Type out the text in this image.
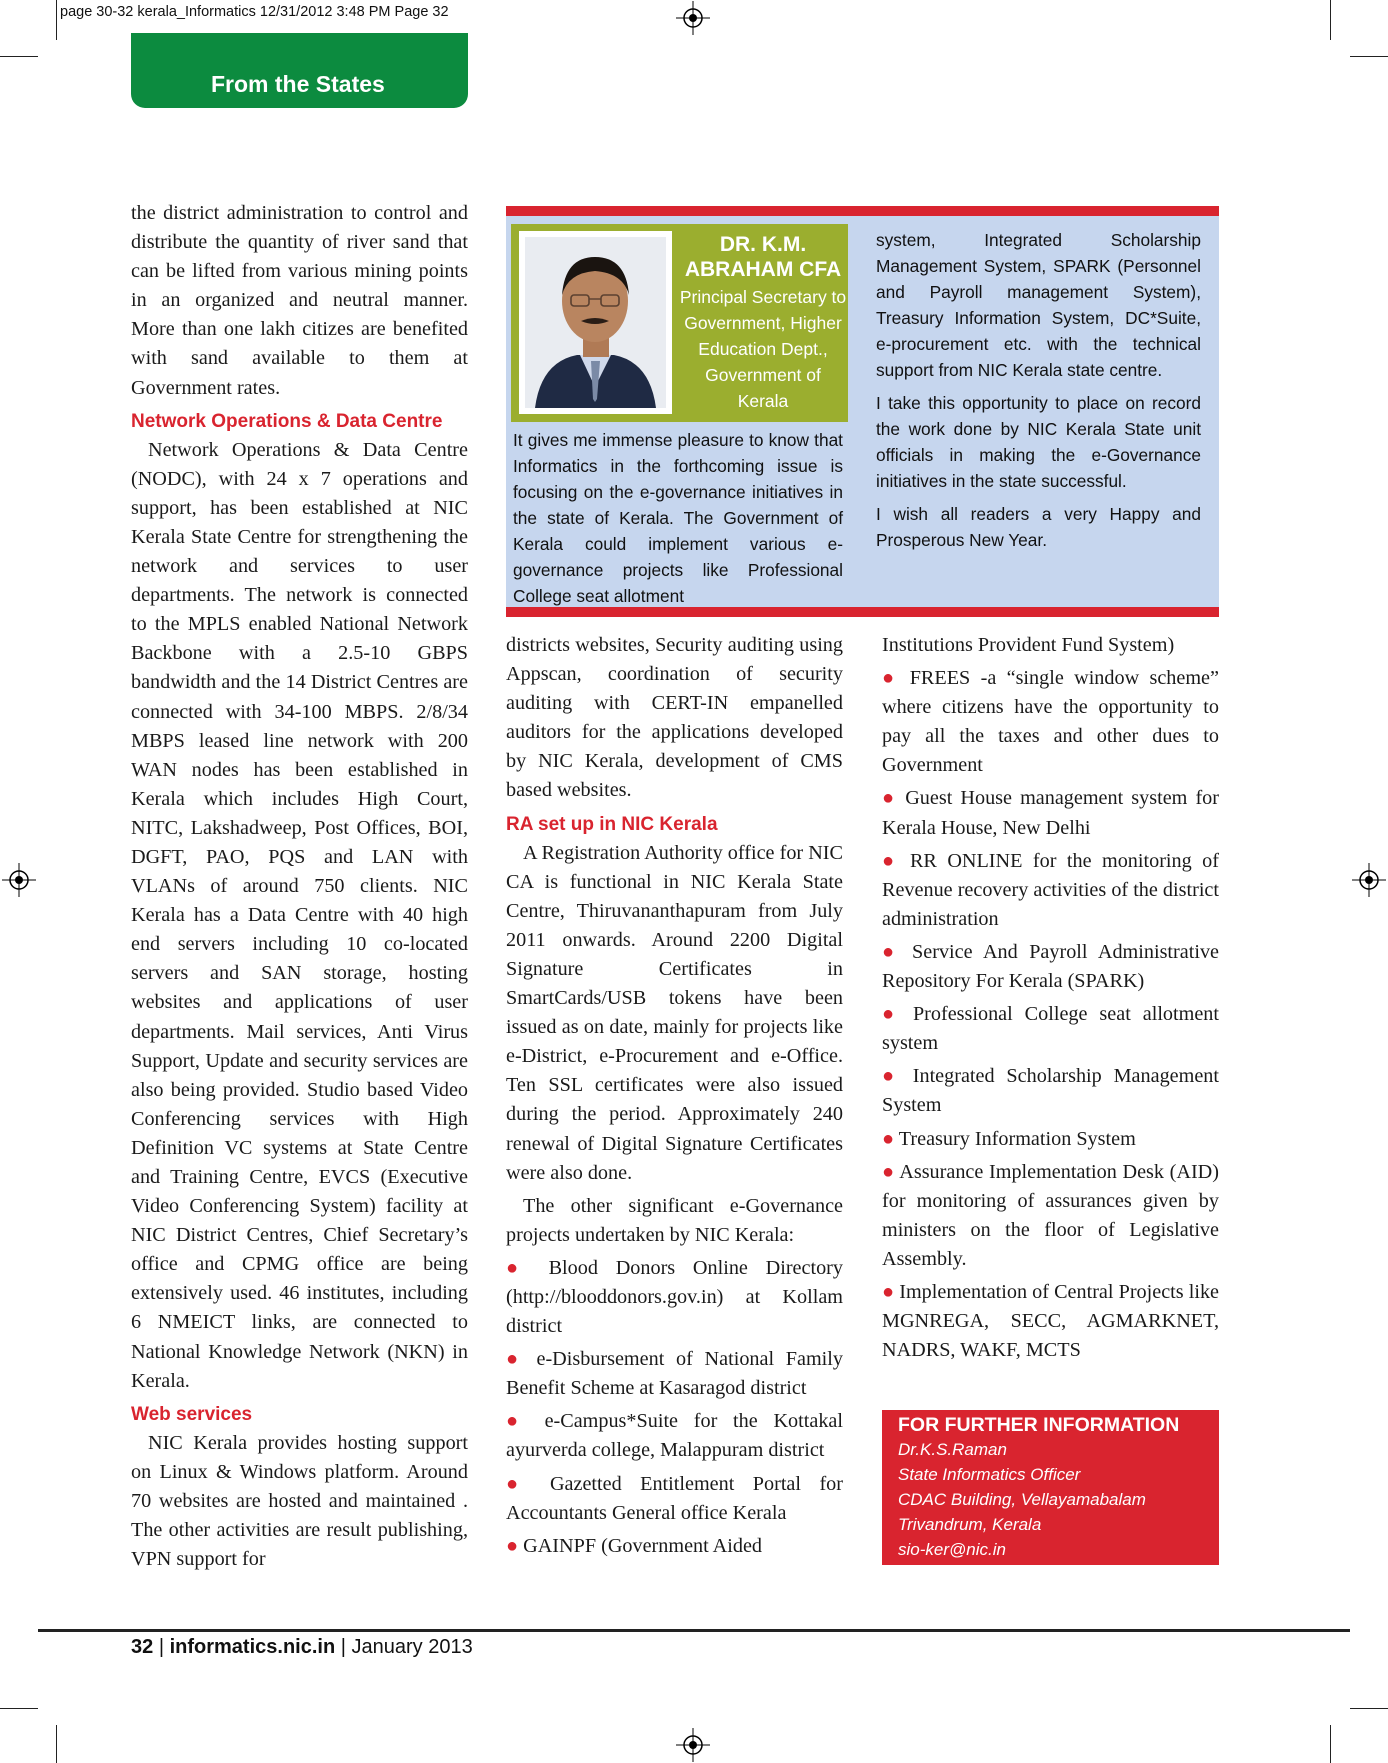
page 30-32 kerala_Informatics 12/31/2012 3:48 PM Page 32
From the States

the district administration to control and distribute the quantity of river sand that can be lifted from various mining points in an organized and neutral manner. More than one lakh citizes are benefited with sand available to them at Government rates.

Network Operations & Data Centre

Network Operations & Data Centre (NODC), with 24 x 7 operations and support, has been established at NIC Kerala State Centre for strengthening the network and services to user departments. The network is connected to the MPLS enabled National Network Backbone with a 2.5-10 GBPS bandwidth and the 14 District Centres are connected with 34-100 MBPS. 2/8/34 MBPS leased line network with 200 WAN nodes has been established in Kerala which includes High Court, NITC, Lakshadweep, Post Offices, BOI, DGFT, PAO, PQS and LAN with VLANs of around 750 clients. NIC Kerala has a Data Centre with 40 high end servers including 10 co-located servers and SAN storage, hosting websites and applications of user departments. Mail services, Anti Virus Support, Update and security services are also being provided. Studio based Video Conferencing services with High Definition VC systems at State Centre and Training Centre, EVCS (Executive Video Conferencing System) facility at NIC District Centres, Chief Secretary’s office and CPMG office are being extensively used. 46 institutes, including 6 NMEICT links, are connected to National Knowledge Network (NKN) in Kerala.

Web services

NIC Kerala provides hosting support on Linux & Windows platform. Around 70 websites are hosted and maintained . The other activities are result publishing, VPN support for

DR. K.M. ABRAHAM CFA
Principal Secretary to Government, Higher Education Dept., Government of Kerala

It gives me immense pleasure to know that Informatics in the forthcoming issue is focusing on the e-governance initiatives in the state of Kerala. The Government of Kerala could implement various e-governance projects like Professional College seat allotment

system, Integrated Scholarship Management System, SPARK (Personnel and Payroll management System), Treasury Information System, DC*Suite, e-procurement etc. with the technical support from NIC Kerala state centre.

I take this opportunity to place on record the work done by NIC Kerala State unit officials in making the e-Governance initiatives in the state successful.

I wish all readers a very Happy and Prosperous New Year.

districts websites, Security auditing using Appscan, coordination of security auditing with CERT-IN empanelled auditors for the applications developed by NIC Kerala, development of CMS based websites.

RA set up in NIC Kerala

A Registration Authority office for NIC CA is functional in NIC Kerala State Centre, Thiruvananthapuram from July 2011 onwards. Around 2200 Digital Signature Certificates in SmartCards/USB tokens have been issued as on date, mainly for projects like e-District, e-Procurement and e-Office. Ten SSL certificates were also issued during the period. Approximately 240 renewal of Digital Signature Certificates were also done.

The other significant e-Governance projects undertaken by NIC Kerala:

● Blood Donors Online Directory (http://blooddonors.gov.in) at Kollam district

● e-Disbursement of National Family Benefit Scheme at Kasaragod district

● e-Campus*Suite for the Kottakal ayurverda college, Malappuram district

● Gazetted Entitlement Portal for Accountants General office Kerala

● GAINPF (Government Aided

Institutions Provident Fund System)

● FREES -a “single window scheme” where citizens have the opportunity to pay all the taxes and other dues to Government

● Guest House management system for Kerala House, New Delhi

● RR ONLINE for the monitoring of Revenue recovery activities of the district administration

● Service And Payroll Administrative Repository For Kerala (SPARK)

● Professional College seat allotment system

● Integrated Scholarship Management System

● Treasury Information System

● Assurance Implementation Desk (AID) for monitoring of assurances given by ministers on the floor of Legislative Assembly.

● Implementation of Central Projects like MGNREGA, SECC, AGMARKNET, NADRS, WAKF, MCTS

FOR FURTHER INFORMATION
Dr.K.S.Raman
State Informatics Officer
CDAC Building, Vellayamabalam
Trivandrum, Kerala
sio-ker@nic.in
32 | informatics.nic.in | January 2013
